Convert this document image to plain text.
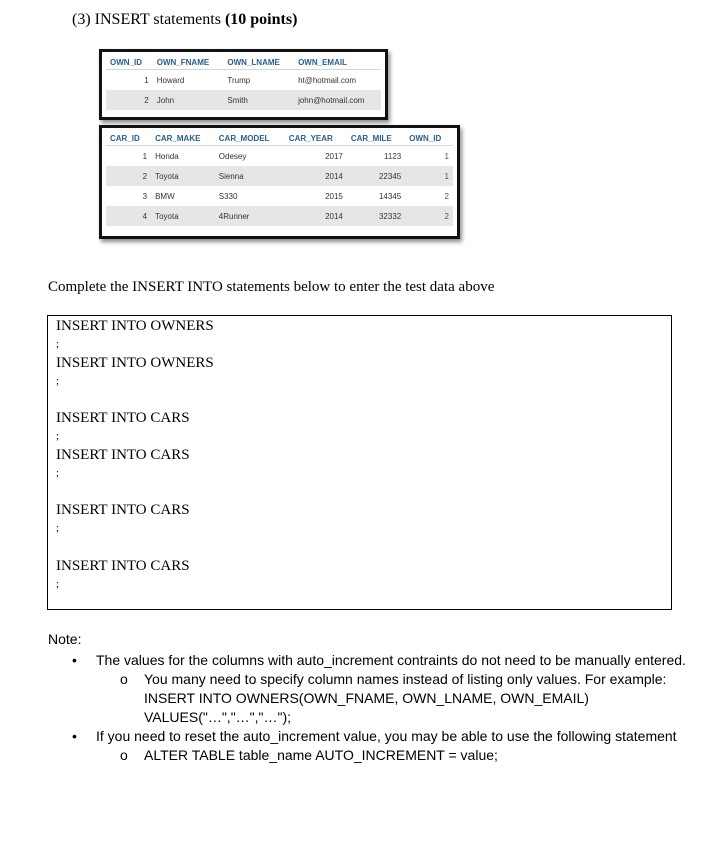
(3) INSERT statements (10 points)
OWN_ID	OWN_FNAME	OWN_LNAME	OWN_EMAIL
1	Howard	Trump	ht@hotmail.com
2	John	Smith	john@hotmail.com
CAR_ID	CAR_MAKE	CAR_MODEL	CAR_YEAR	CAR_MILE	OWN_ID
1	Honda	Odesey	2017	1123	1
2	Toyota	Sienna	2014	22345	1
3	BMW	S330	2015	14345	2
4	Toyota	4Runner	2014	32332	2
Complete the INSERT INTO statements below to enter the test data above
INSERT INTO OWNERS
;
INSERT INTO OWNERS
;
INSERT INTO CARS
;
INSERT INTO CARS
;
INSERT INTO CARS
;
INSERT INTO CARS
;
Note:
• The values for the columns with auto_increment contraints do not need to be manually entered.
o You many need to specify column names instead of listing only values. For example:
INSERT INTO OWNERS(OWN_FNAME, OWN_LNAME, OWN_EMAIL)
VALUES("…","…","…");
• If you need to reset the auto_increment value, you may be able to use the following statement
o ALTER TABLE table_name AUTO_INCREMENT = value;
